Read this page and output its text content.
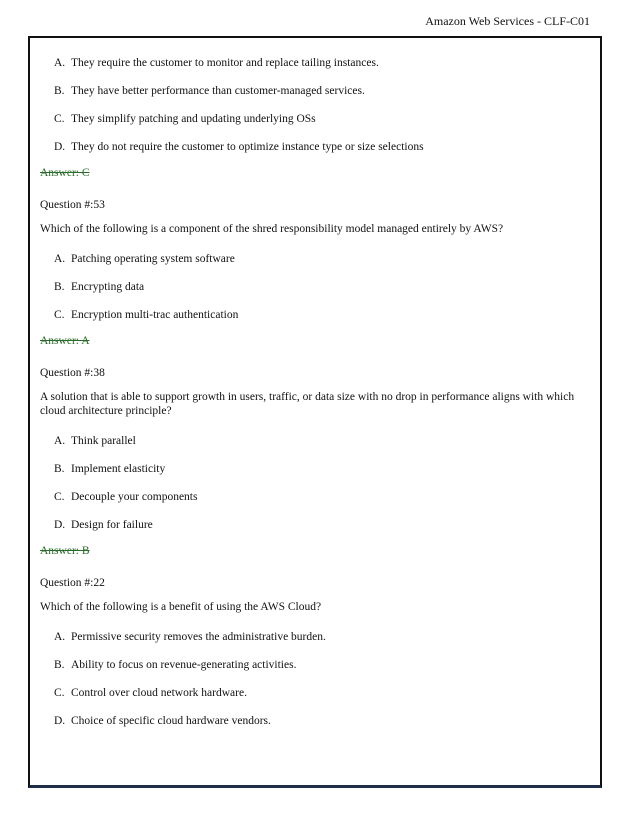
Amazon Web Services - CLF-C01
A. They require the customer to monitor and replace tailing instances.
B. They have better performance than customer-managed services.
C. They simplify patching and updating underlying OSs
D. They do not require the customer to optimize instance type or size selections
Answer: C
Question #:53
Which of the following is a component of the shred responsibility model managed entirely by AWS?
A. Patching operating system software
B. Encrypting data
C. Encryption multi-trac authentication
Answer: A
Question #:38
A solution that is able to support growth in users, traffic, or data size with no drop in performance aligns with which cloud architecture principle?
A. Think parallel
B. Implement elasticity
C. Decouple your components
D. Design for failure
Answer: B
Question #:22
Which of the following is a benefit of using the AWS Cloud?
A. Permissive security removes the administrative burden.
B. Ability to focus on revenue-generating activities.
C. Control over cloud network hardware.
D. Choice of specific cloud hardware vendors.
